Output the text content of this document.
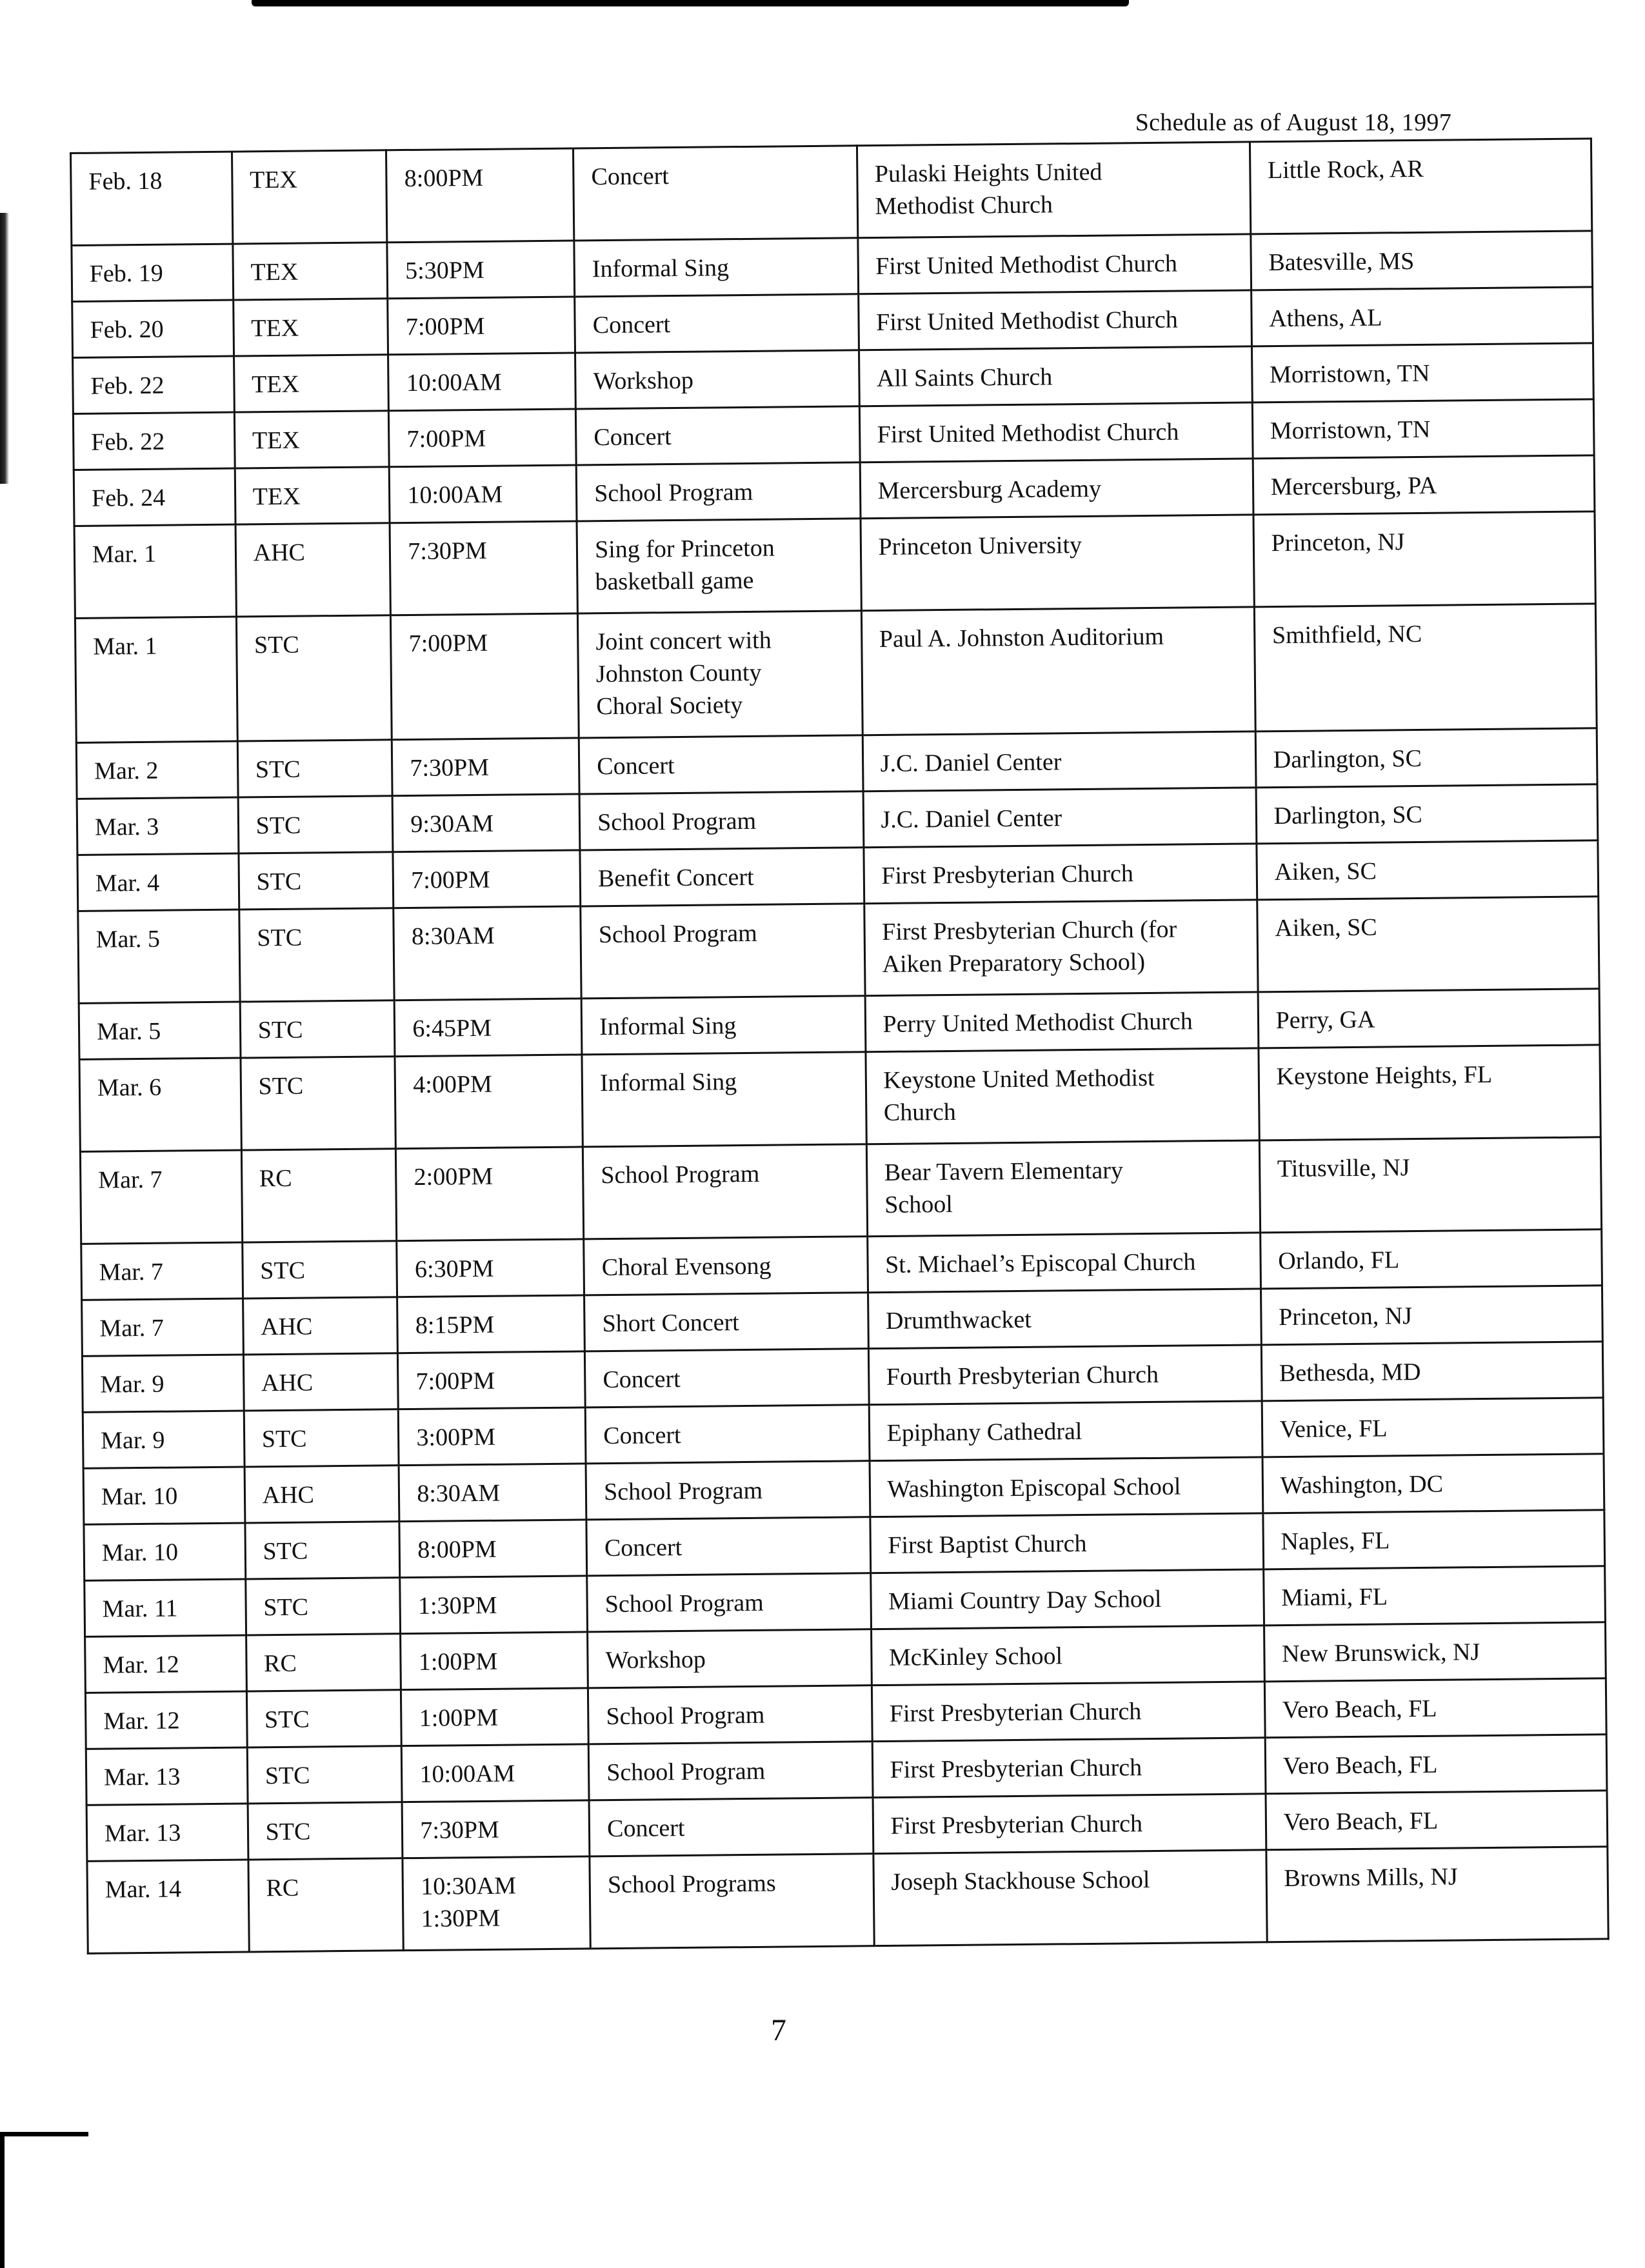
Schedule as of August 18, 1997
Feb. 18	TEX	8:00PM	Concert	Pulaski Heights United
Methodist Church	Little Rock, AR
Feb. 19	TEX	5:30PM	Informal Sing	First United Methodist Church	Batesville, MS
Feb. 20	TEX	7:00PM	Concert	First United Methodist Church	Athens, AL
Feb. 22	TEX	10:00AM	Workshop	All Saints Church	Morristown, TN
Feb. 22	TEX	7:00PM	Concert	First United Methodist Church	Morristown, TN
Feb. 24	TEX	10:00AM	School Program	Mercersburg Academy	Mercersburg, PA
Mar. 1	AHC	7:30PM	Sing for Princeton
basketball game	Princeton University	Princeton, NJ
Mar. 1	STC	7:00PM	Joint concert with
Johnston County
Choral Society	Paul A. Johnston Auditorium	Smithfield, NC
Mar. 2	STC	7:30PM	Concert	J.C. Daniel Center	Darlington, SC
Mar. 3	STC	9:30AM	School Program	J.C. Daniel Center	Darlington, SC
Mar. 4	STC	7:00PM	Benefit Concert	First Presbyterian Church	Aiken, SC
Mar. 5	STC	8:30AM	School Program	First Presbyterian Church (for
Aiken Preparatory School)	Aiken, SC
Mar. 5	STC	6:45PM	Informal Sing	Perry United Methodist Church	Perry, GA
Mar. 6	STC	4:00PM	Informal Sing	Keystone United Methodist
Church	Keystone Heights, FL
Mar. 7	RC	2:00PM	School Program	Bear Tavern Elementary
School	Titusville, NJ
Mar. 7	STC	6:30PM	Choral Evensong	St. Michael’s Episcopal Church	Orlando, FL
Mar. 7	AHC	8:15PM	Short Concert	Drumthwacket	Princeton, NJ
Mar. 9	AHC	7:00PM	Concert	Fourth Presbyterian Church	Bethesda, MD
Mar. 9	STC	3:00PM	Concert	Epiphany Cathedral	Venice, FL
Mar. 10	AHC	8:30AM	School Program	Washington Episcopal School	Washington, DC
Mar. 10	STC	8:00PM	Concert	First Baptist Church	Naples, FL
Mar. 11	STC	1:30PM	School Program	Miami Country Day School	Miami, FL
Mar. 12	RC	1:00PM	Workshop	McKinley School	New Brunswick, NJ
Mar. 12	STC	1:00PM	School Program	First Presbyterian Church	Vero Beach, FL
Mar. 13	STC	10:00AM	School Program	First Presbyterian Church	Vero Beach, FL
Mar. 13	STC	7:30PM	Concert	First Presbyterian Church	Vero Beach, FL
Mar. 14	RC	10:30AM
1:30PM	School Programs	Joseph Stackhouse School	Browns Mills, NJ
7
